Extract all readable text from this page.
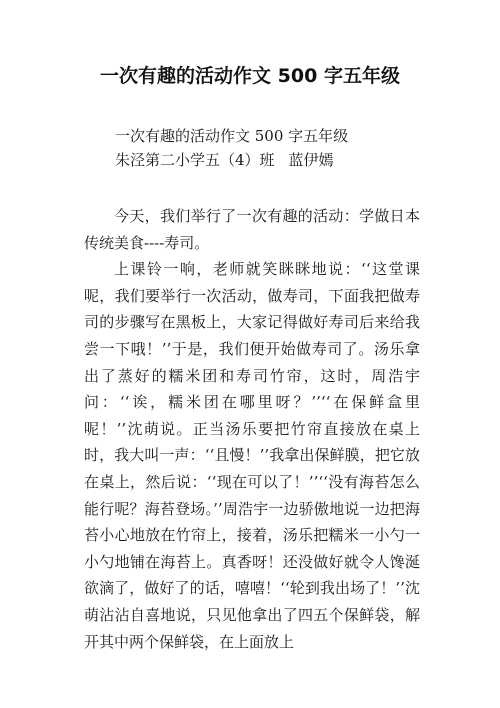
一次有趣的活动作文 500 字五年级
一次有趣的活动作文 500 字五年级
朱泾第二小学五（4）班 蓝伊嫣

今天，我们举行了一次有趣的活动：学做日本传统美食----寿司。

上课铃一响，老师就笑眯眯地说：‘‘这堂课呢，我们要举行一次活动，做寿司，下面我把做寿司的步骤写在黑板上，大家记得做好寿司后来给我尝一下哦！’’于是，我们便开始做寿司了。汤乐拿出了蒸好的糯米团和寿司竹帘，这时，周浩宇问：‘‘诶，糯米团在哪里呀？’’‘‘在保鲜盒里呢！’’沈萌说。正当汤乐要把竹帘直接放在桌上时，我大叫一声：‘‘且慢！’’我拿出保鲜膜，把它放在桌上，然后说：‘‘现在可以了！’’‘‘没有海苔怎么能行呢？海苔登场。’’周浩宇一边骄傲地说一边把海苔小心地放在竹帘上，接着，汤乐把糯米一小勺一小勺地铺在海苔上。真香呀！还没做好就令人馋涎欲滴了，做好了的话，嘻嘻！‘‘轮到我出场了！’’沈萌沾沾自喜地说，只见他拿出了四五个保鲜袋，解开其中两个保鲜袋，在上面放上
